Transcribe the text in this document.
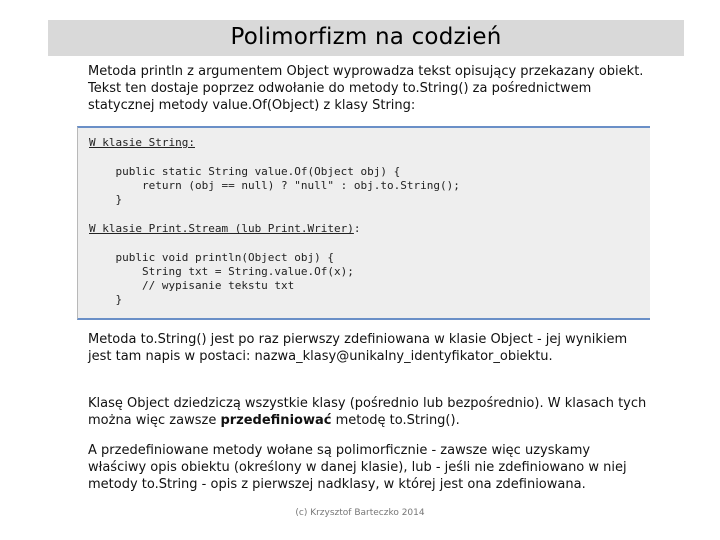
Polimorfizm na codzień
Metoda println z argumentem Object wyprowadza tekst opisujący przekazany obiekt. Tekst ten dostaje poprzez odwołanie do metody to.String() za pośrednictwem statycznej metody value.Of(Object) z klasy String:
W klasie String:

public static String value.Of(Object obj) {
return (obj == null) ? "null" : obj.to.String();
}
W klasie Print.Stream (lub Print.Writer):

public void println(Object obj) {
String txt = String.value.Of(x);
// wypisanie tekstu txt
}
Metoda to.String() jest po raz pierwszy zdefiniowana w klasie Object - jej wynikiem jest tam napis w postaci: nazwa_klasy@unikalny_identyfikator_obiektu.
Klasę Object dziedziczą wszystkie klasy (pośrednio lub bezpośrednio). W klasach tych można więc zawsze przedefiniować metodę to.String().
A przedefiniowane metody wołane są polimorficznie - zawsze więc uzyskamy właściwy opis obiektu (określony w danej klasie), lub - jeśli nie zdefiniowano w niej metody to.String - opis z pierwszej nadklasy, w której jest ona zdefiniowana.
(c) Krzysztof Barteczko 2014
